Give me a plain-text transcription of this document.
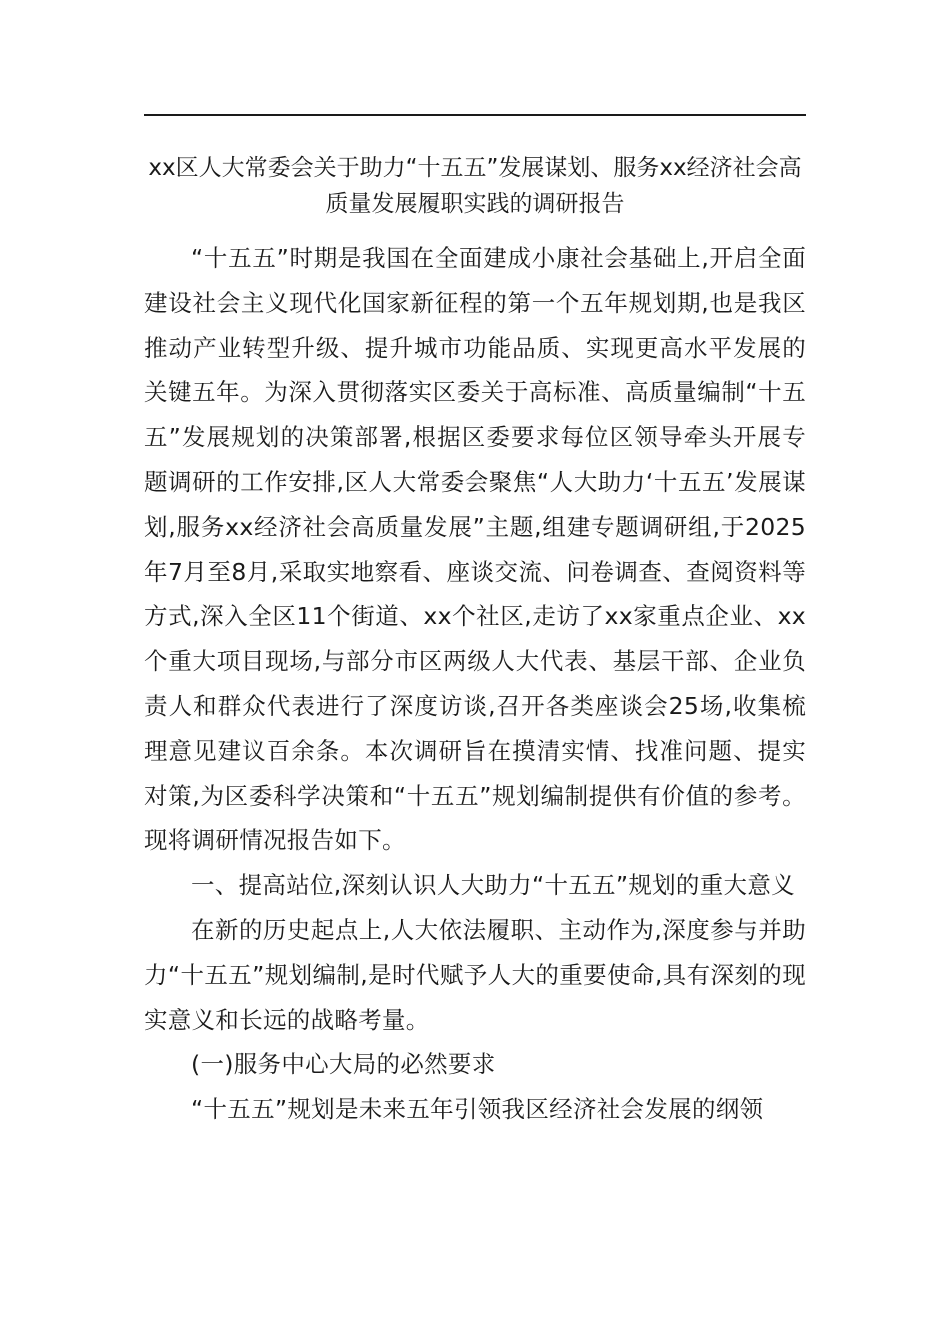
xx区人大常委会关于助力“十五五”发展谋划、服务xx经济社会高质量发展履职实践的调研报告

“十五五”时期是我国在全面建成小康社会基础上,开启全面建设社会主义现代化国家新征程的第一个五年规划期,也是我区推动产业转型升级、提升城市功能品质、实现更高水平发展的关键五年。为深入贯彻落实区委关于高标准、高质量编制“十五五”发展规划的决策部署,根据区委要求每位区领导牵头开展专题调研的工作安排,区人大常委会聚焦“人大助力‘十五五’发展谋划,服务xx经济社会高质量发展”主题,组建专题调研组,于2025年7月至8月,采取实地察看、座谈交流、问卷调查、查阅资料等方式,深入全区11个街道、xx个社区,走访了xx家重点企业、xx个重大项目现场,与部分市区两级人大代表、基层干部、企业负责人和群众代表进行了深度访谈,召开各类座谈会25场,收集梳理意见建议百余条。本次调研旨在摸清实情、找准问题、提实对策,为区委科学决策和“十五五”规划编制提供有价值的参考。现将调研情况报告如下。

一、提高站位,深刻认识人大助力“十五五”规划的重大意义

在新的历史起点上,人大依法履职、主动作为,深度参与并助力“十五五”规划编制,是时代赋予人大的重要使命,具有深刻的现实意义和长远的战略考量。

(一)服务中心大局的必然要求

“十五五”规划是未来五年引领我区经济社会发展的纲领
